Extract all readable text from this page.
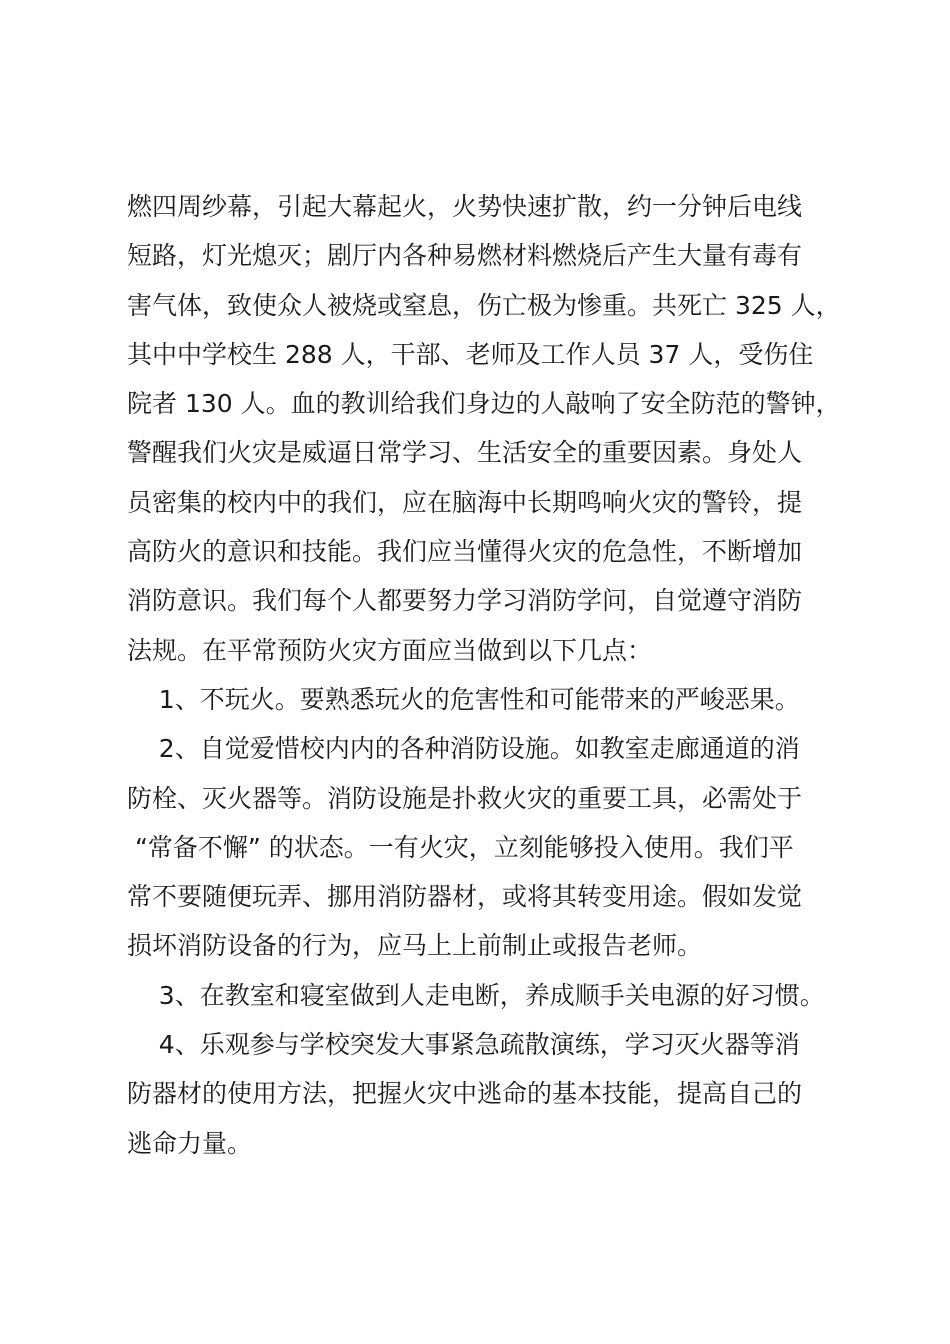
燃四周纱幕，引起大幕起火，火势快速扩散，约一分钟后电线
短路，灯光熄灭；剧厅内各种易燃材料燃烧后产生大量有毒有
害气体，致使众人被烧或窒息，伤亡极为惨重。共死亡 325 人，
其中中学校生 288 人，干部、老师及工作人员 37 人，受伤住
院者 130 人。血的教训给我们身边的人敲响了安全防范的警钟，
警醒我们火灾是威逼日常学习、生活安全的重要因素。身处人
员密集的校内中的我们，应在脑海中长期鸣响火灾的警铃，提
高防火的意识和技能。我们应当懂得火灾的危急性，不断增加
消防意识。我们每个人都要努力学习消防学问，自觉遵守消防
法规。在平常预防火灾方面应当做到以下几点：
1、不玩火。要熟悉玩火的危害性和可能带来的严峻恶果。
2、自觉爱惜校内内的各种消防设施。如教室走廊通道的消
防栓、灭火器等。消防设施是扑救火灾的重要工具，必需处于
“常备不懈” 的状态。一有火灾，立刻能够投入使用。我们平
常不要随便玩弄、挪用消防器材，或将其转变用途。假如发觉
损坏消防设备的行为，应马上上前制止或报告老师。
3、在教室和寝室做到人走电断，养成顺手关电源的好习惯。
4、乐观参与学校突发大事紧急疏散演练，学习灭火器等消
防器材的使用方法，把握火灾中逃命的基本技能，提高自己的
逃命力量。
